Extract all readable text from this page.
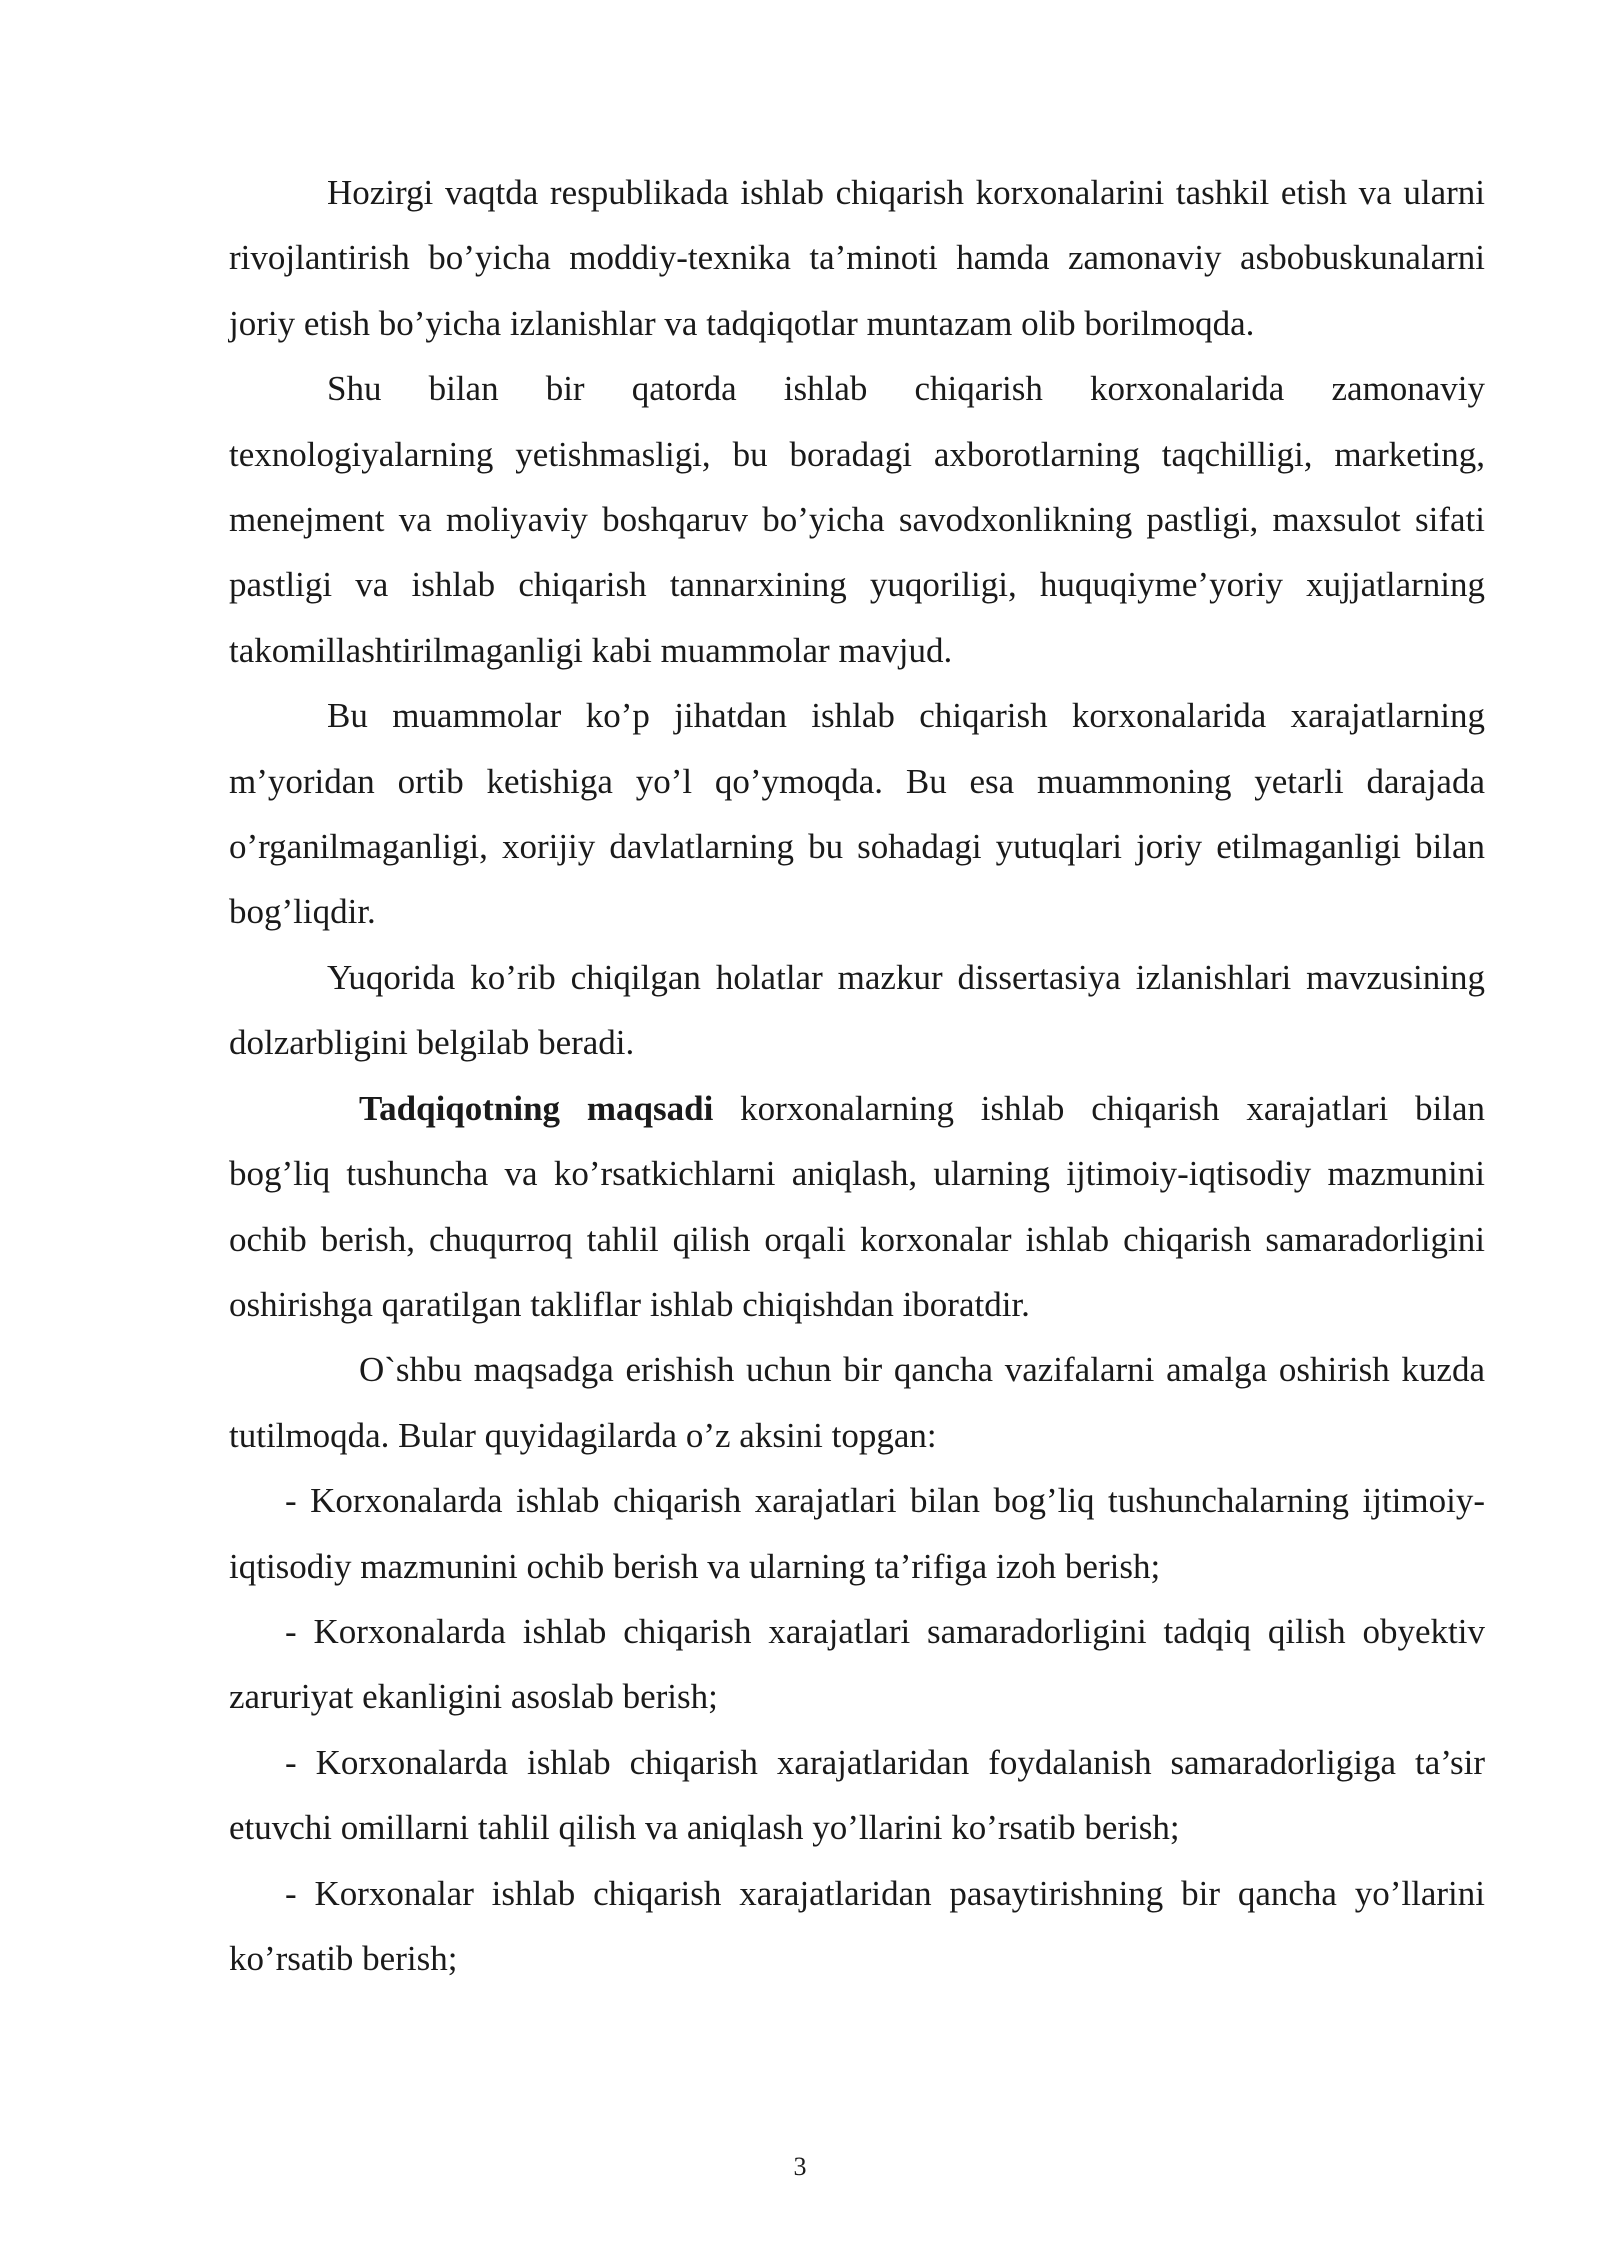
Hozirgi vaqtda respublikada ishlab chiqarish korxonalarini tashkil etish va ularni rivojlantirish bo’yicha moddiy-texnika ta’minoti hamda zamonaviy asbobuskunalarni joriy etish bo’yicha izlanishlar va tadqiqotlar muntazam olib borilmoqda.

Shu bilan bir qatorda ishlab chiqarish korxonalarida zamonaviy texnologiyalarning yetishmasligi, bu boradagi axborotlarning taqchilligi, marketing, menejment va moliyaviy boshqaruv bo’yicha savodxonlikning pastligi, maxsulot sifati pastligi va ishlab chiqarish tannarxining yuqoriligi, huquqiyme’yoriy xujjatlarning takomillashtirilmaganligi kabi muammolar mavjud.

Bu muammolar ko’p jihatdan ishlab chiqarish korxonalarida xarajatlarning m’yoridan ortib ketishiga yo’l qo’ymoqda. Bu esa muammoning yetarli darajada o’rganilmaganligi, xorijiy davlatlarning bu sohadagi yutuqlari joriy etilmaganligi bilan bog’liqdir.

Yuqorida ko’rib chiqilgan holatlar mazkur dissertasiya izlanishlari mavzusining dolzarbligini belgilab beradi.

Tadqiqotning maqsadi korxonalarning ishlab chiqarish xarajatlari bilan bog’liq tushuncha va ko’rsatkichlarni aniqlash, ularning ijtimoiy-iqtisodiy mazmunini ochib berish, chuqurroq tahlil qilish orqali korxonalar ishlab chiqarish samaradorligini oshirishga qaratilgan takliflar ishlab chiqishdan iboratdir.

O`shbu maqsadga erishish uchun bir qancha vazifalarni amalga oshirish kuzda tutilmoqda. Bular quyidagilarda o’z aksini topgan:

- Korxonalarda ishlab chiqarish xarajatlari bilan bog’liq tushunchalarning ijtimoiy-iqtisodiy mazmunini ochib berish va ularning ta’rifiga izoh berish;

- Korxonalarda ishlab chiqarish xarajatlari samaradorligini tadqiq qilish obyektiv zaruriyat ekanligini asoslab berish;

- Korxonalarda ishlab chiqarish xarajatlaridan foydalanish samaradorligiga ta’sir etuvchi omillarni tahlil qilish va aniqlash yo’llarini ko’rsatib berish;

- Korxonalar ishlab chiqarish xarajatlaridan pasaytirishning bir qancha yo’llarini ko’rsatib berish;

3
